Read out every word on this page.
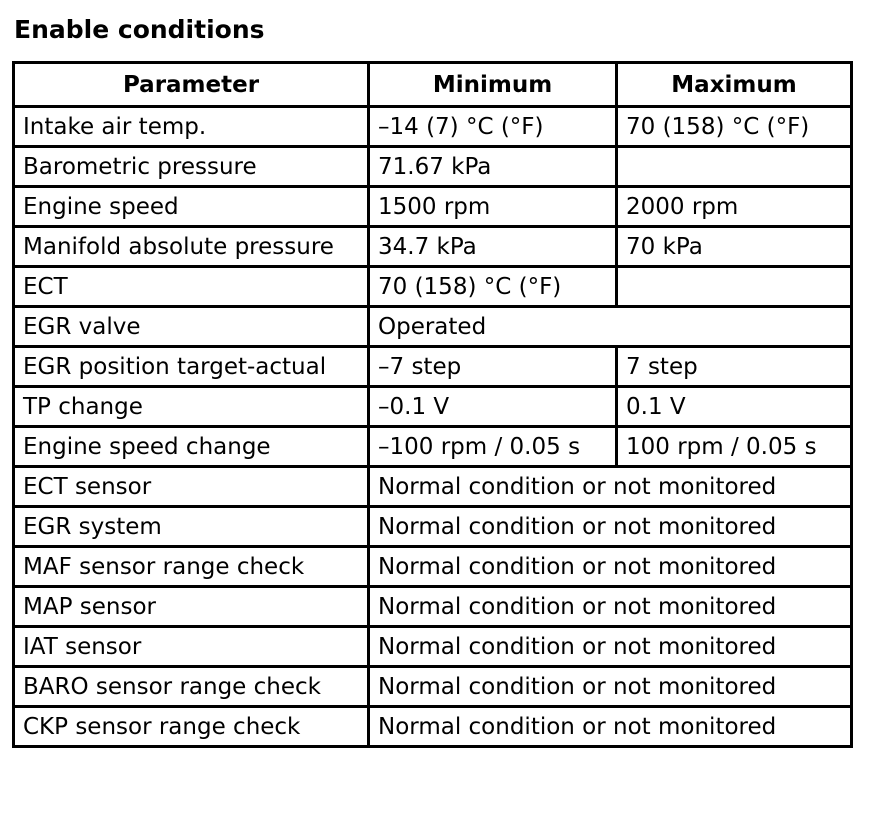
Enable conditions
Parameter	Minimum	Maximum
Intake air temp.	–14 (7) °C (°F)	70 (158) °C (°F)
Barometric pressure	71.67 kPa	
Engine speed	1500 rpm	2000 rpm
Manifold absolute pressure	34.7 kPa	70 kPa
ECT	70 (158) °C (°F)	
EGR valve	Operated	
EGR position target-actual	–7 step	7 step
TP change	–0.1 V	0.1 V
Engine speed change	–100 rpm / 0.05 s	100 rpm / 0.05 s
ECT sensor	Normal condition or not monitored	
EGR system	Normal condition or not monitored	
MAF sensor range check	Normal condition or not monitored	
MAP sensor	Normal condition or not monitored	
IAT sensor	Normal condition or not monitored	
BARO sensor range check	Normal condition or not monitored	
CKP sensor range check	Normal condition or not monitored	
